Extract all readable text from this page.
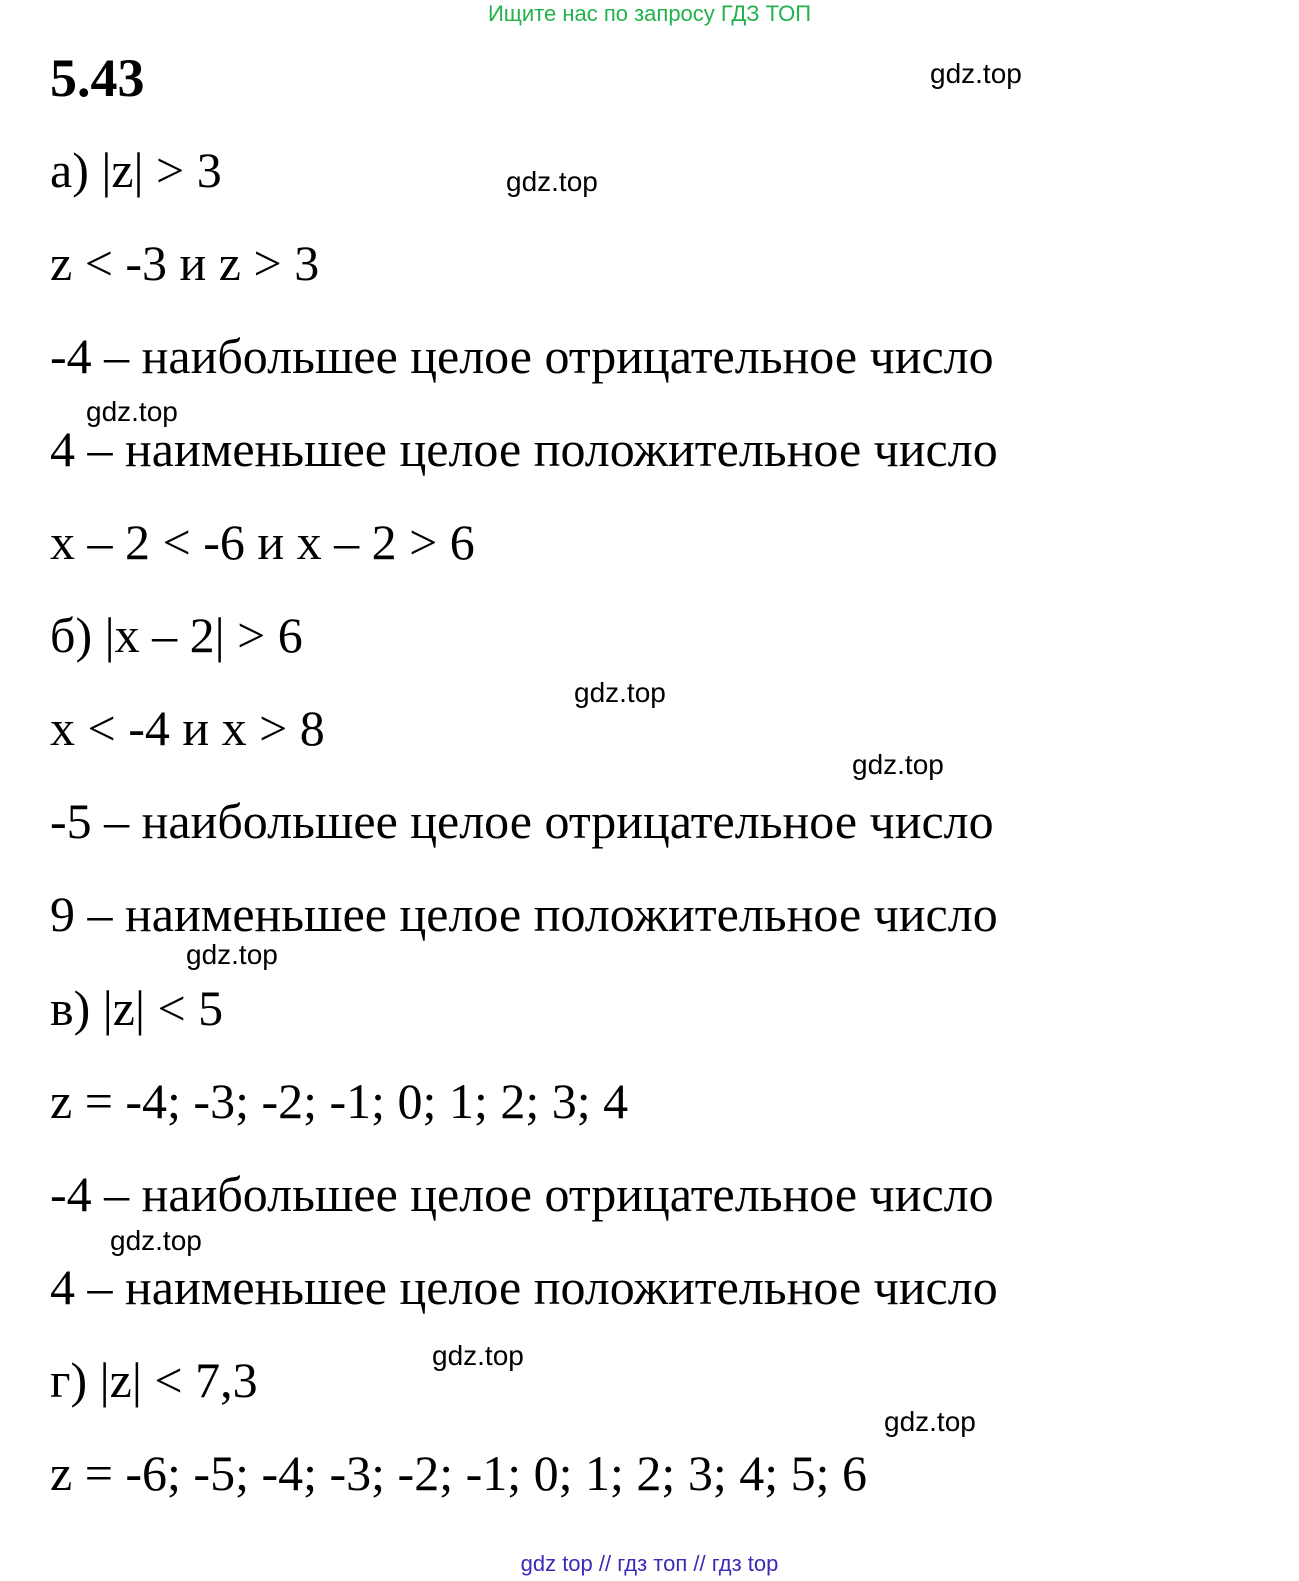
Ищите нас по запросу ГДЗ ТОП
5.43
а) |z| > 3
z < -3 и z > 3
-4 – наибольшее целое отрицательное число
4 – наименьшее целое положительное число
x – 2 < -6 и x – 2 > 6
б) |x – 2| > 6
x < -4 и x > 8
-5 – наибольшее целое отрицательное число
9 – наименьшее целое положительное число
в) |z| < 5
z = -4; -3; -2; -1; 0; 1; 2; 3; 4
-4 – наибольшее целое отрицательное число
4 – наименьшее целое положительное число
г) |z| < 7,3
z = -6; -5; -4; -3; -2; -1; 0; 1; 2; 3; 4; 5; 6
gdz.top
gdz.top
gdz.top
gdz.top
gdz.top
gdz.top
gdz.top
gdz.top
gdz.top
gdz top // гдз топ // гдз top
